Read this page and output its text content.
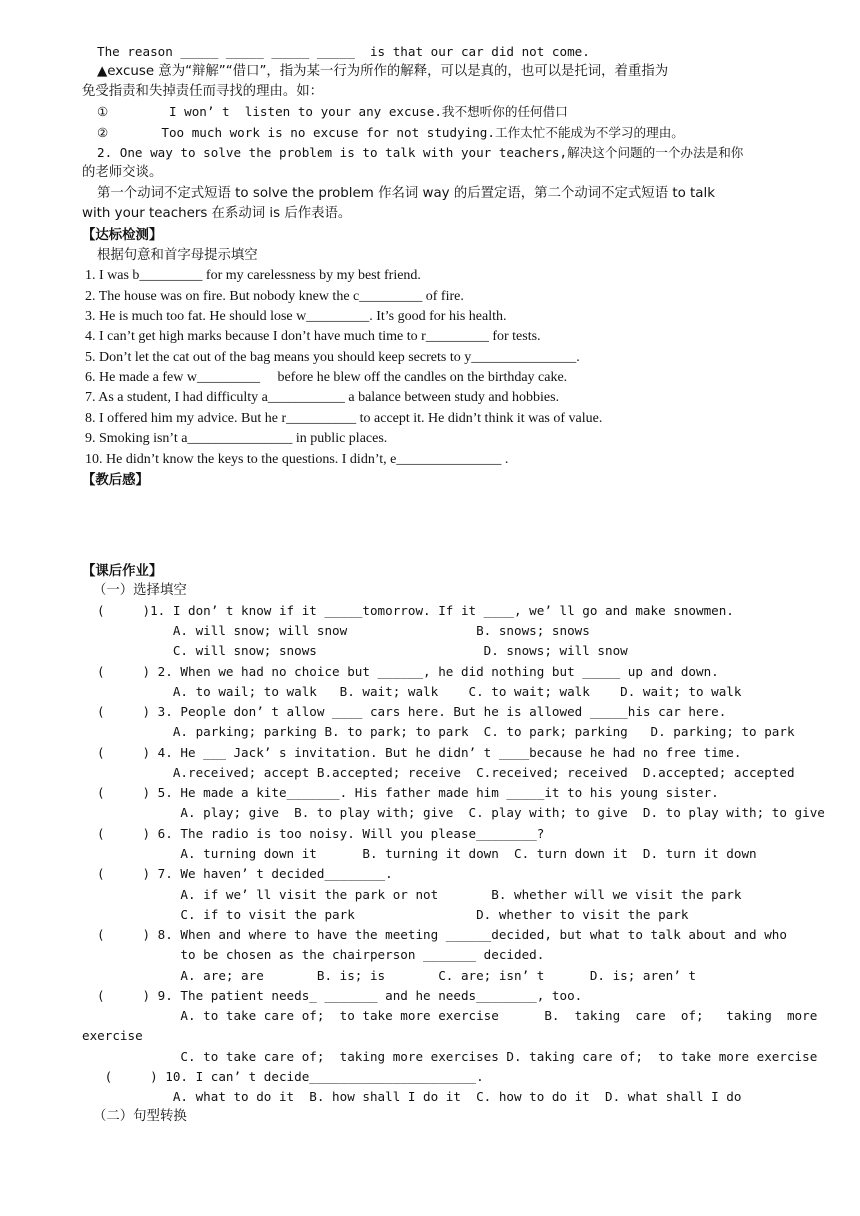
The reason _____ _____ _____ _____  is that our car did not come.
▲excuse 意为“辩解”“借口”，指为某一行为所作的解释，可以是真的，也可以是托词，着重指为
免受指责和失掉责任而寻找的理由。如：
①        I won’ t  listen to your any excuse.我不想听你的任何借口
②       Too much work is no excuse for not studying.工作太忙不能成为不学习的理由。
2. One way to solve the problem is to talk with your teachers,解决这个问题的一个办法是和你
的老师交谈。
第一个动词不定式短语 to solve the problem 作名词 way 的后置定语，第二个动词不定式短语 to talk
with your teachers 在系动词 is 后作表语。
【达标检测】
根据句意和首字母提示填空
1. I was b_________ for my carelessness by my best friend.
2. The house was on fire. But nobody knew the c_________ of fire.
3. He is much too fat. He should lose w_________. It’s good for his health.
4. I can’t get high marks because I don’t have much time to r_________ for tests.
5. Don’t let the cat out of the bag means you should keep secrets to y_______________.
6. He made a few w_________     before he blew off the candles on the birthday cake.
7. As a student, I had difficulty a___________ a balance between study and hobbies.
8. I offered him my advice. But he r__________ to accept it. He didn’t think it was of value.
9. Smoking isn’t a_______________ in public places.
10. He didn’t know the keys to the questions. I didn’t, e_______________ .
【教后感】
【课后作业】
（一）选择填空
(     )1. I don’ t know if it _____tomorrow. If it ____, we’ ll go and make snowmen.
A. will snow; will snow                 B. snows; snows
C. will snow; snows                      D. snows; will snow
(     ) 2. When we had no choice but ______, he did nothing but _____ up and down.
A. to wail; to walk   B. wait; walk    C. to wait; walk    D. wait; to walk
(     ) 3. People don’ t allow ____ cars here. But he is allowed _____his car here.
A. parking; parking B. to park; to park  C. to park; parking   D. parking; to park
(     ) 4. He ___ Jack’ s invitation. But he didn’ t ____because he had no free time.
A.received; accept B.accepted; receive  C.received; received  D.accepted; accepted
(     ) 5. He made a kite_______. His father made him _____it to his young sister.
A. play; give  B. to play with; give  C. play with; to give  D. to play with; to give
(     ) 6. The radio is too noisy. Will you please________?
A. turning down it      B. turning it down  C. turn down it  D. turn it down
(     ) 7. We haven’ t decided________.
A. if we’ ll visit the park or not       B. whether will we visit the park
C. if to visit the park                D. whether to visit the park
(     ) 8. When and where to have the meeting ______decided, but what to talk about and who
to be chosen as the chairperson _______ decided.
A. are; are       B. is; is       C. are; isn’ t      D. is; aren’ t
(     ) 9. The patient needs_ _______ and he needs________, too.
A. to take care of;  to take more exercise      B.  taking  care  of;   taking  more
exercise
C. to take care of;  taking more exercises D. taking care of;  to take more exercise
(     ) 10. I can’ t decide______________________.
A. what to do it  B. how shall I do it  C. how to do it  D. what shall I do
（二）句型转换
